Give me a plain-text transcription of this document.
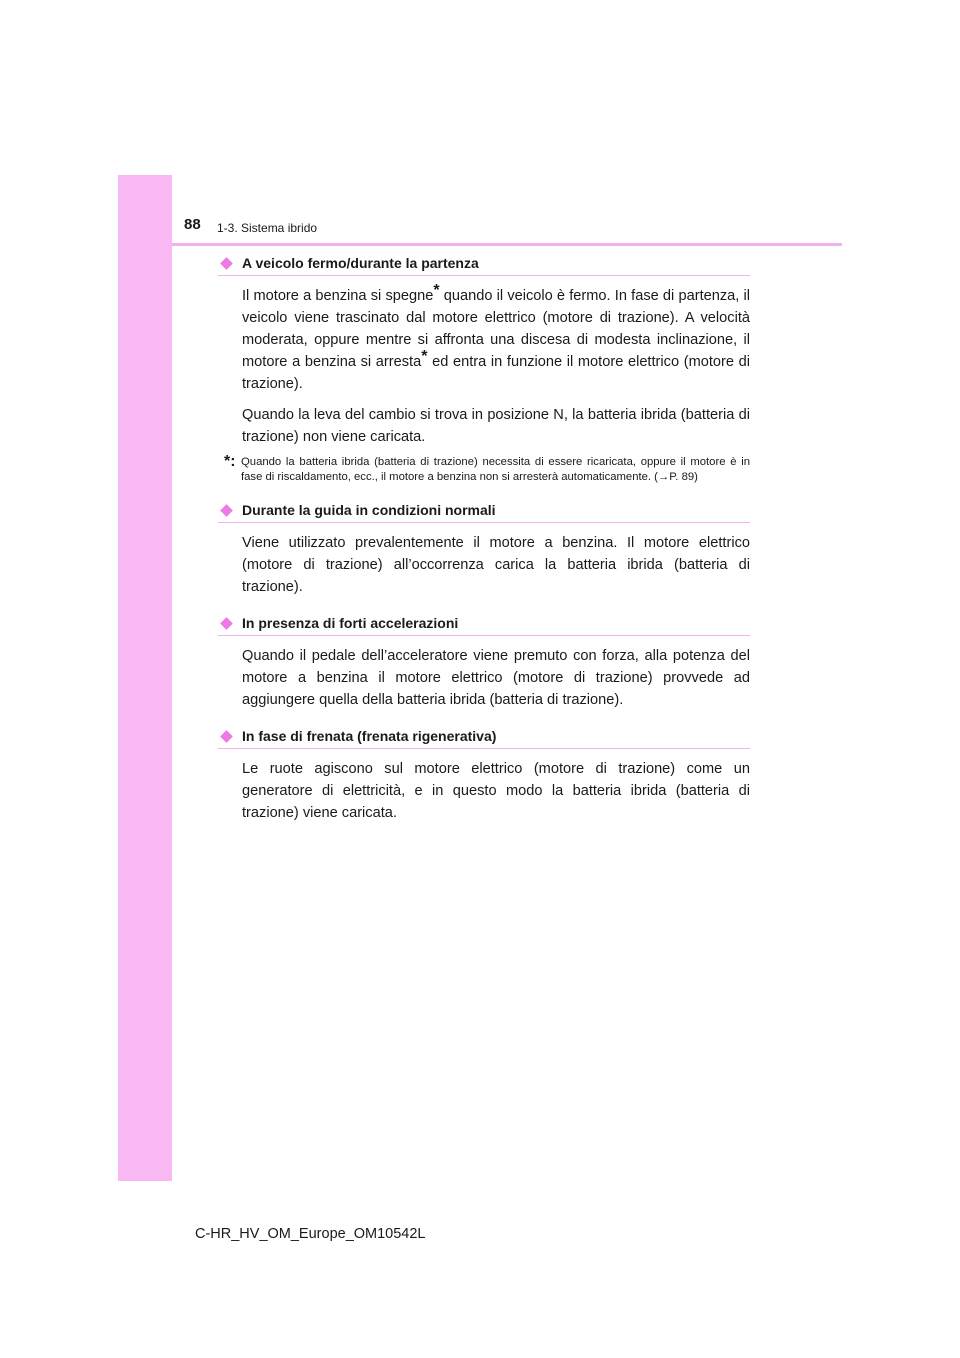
88 1-3. Sistema ibrido
A veicolo fermo/durante la partenza
Il motore a benzina si spegne* quando il veicolo è fermo. In fase di partenza, il veicolo viene trascinato dal motore elettrico (motore di trazione). A velocità moderata, oppure mentre si affronta una discesa di modesta inclinazione, il motore a benzina si arresta* ed entra in funzione il motore elettrico (motore di trazione).
Quando la leva del cambio si trova in posizione N, la batteria ibrida (batteria di trazione) non viene caricata.
*: Quando la batteria ibrida (batteria di trazione) necessita di essere ricaricata, oppure il motore è in fase di riscaldamento, ecc., il motore a benzina non si arresterà automaticamente. (→P. 89)
Durante la guida in condizioni normali
Viene utilizzato prevalentemente il motore a benzina. Il motore elettrico (motore di trazione) all’occorrenza carica la batteria ibrida (batteria di trazione).
In presenza di forti accelerazioni
Quando il pedale dell’acceleratore viene premuto con forza, alla potenza del motore a benzina il motore elettrico (motore di trazione) provvede ad aggiungere quella della batteria ibrida (batteria di trazione).
In fase di frenata (frenata rigenerativa)
Le ruote agiscono sul motore elettrico (motore di trazione) come un generatore di elettricità, e in questo modo la batteria ibrida (batteria di trazione) viene caricata.
C-HR_HV_OM_Europe_OM10542L
